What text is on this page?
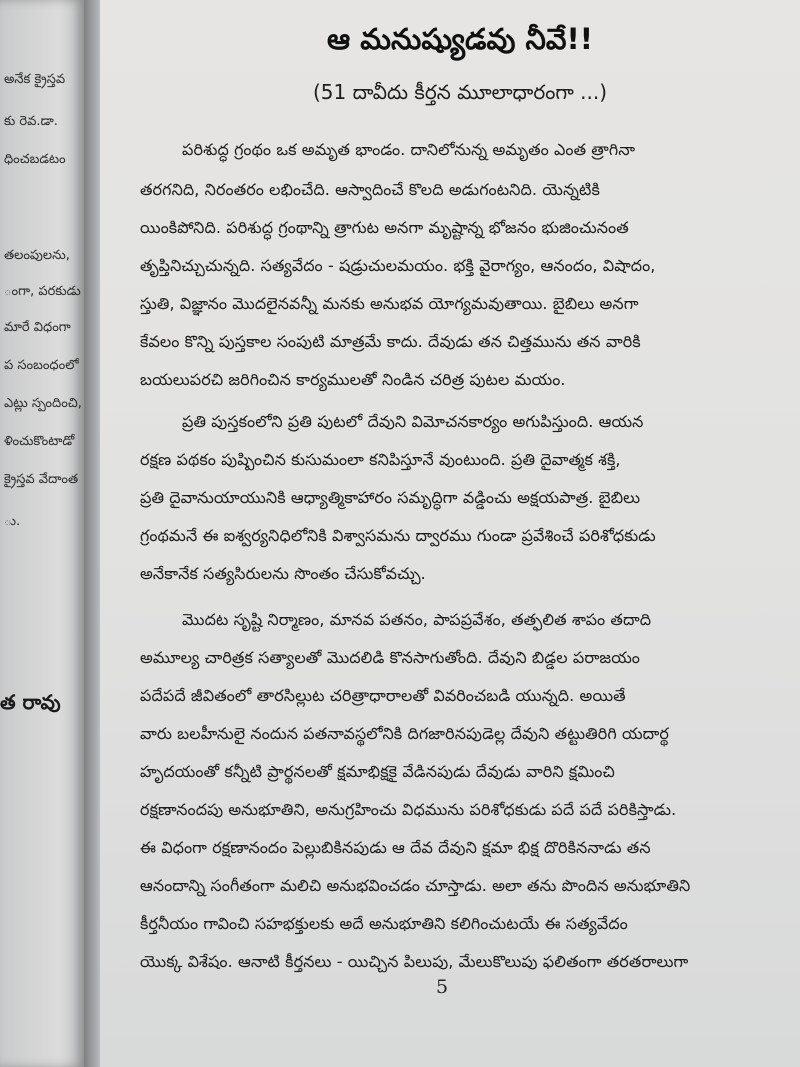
అనేక క్రైస్తవ
కు రెవ.డా.
ధించబడటం
తలంపులను,
ంగా, పరకుడు
మారే విధంగా
ప సంబంధంలో
ఎట్లు స్పందించి,
ళించుకొంటాడో
క్రైస్తవ వేదాంత
ు.
త రావు
ఆ మనుష్యుడవు నీవే!!
(51 దావీదు కీర్తన మూలాధారంగా ...)
పరిశుద్ధ గ్రంథం ఒక అమృత భాండం. దానిలోనున్న అమృతం ఎంత త్రాగినా
తరగనిది, నిరంతరం లభించేది. ఆస్వాదించే కొలది అడుగంటనిది. యెన్నటికి
యింకిపోనిది. పరిశుద్ధ గ్రంథాన్ని త్రాగుట అనగా మృష్టాన్న భోజనం భుజించునంత
తృప్తినిచ్చుచున్నది. సత్యవేదం - షడ్రుచులమయం. భక్తి వైరాగ్యం, ఆనందం, విషాదం,
స్తుతి, విజ్ఞానం మొదలైనవన్నీ మనకు అనుభవ యోగ్యమవుతాయి. బైబిలు అనగా
కేవలం కొన్ని పుస్తకాల సంపుటి మాత్రమే కాదు. దేవుడు తన చిత్తమును తన వారికి
బయలుపరచి జరిగించిన కార్యములతో నిండిన చరిత్ర పుటల మయం.
ప్రతి పుస్తకంలోని ప్రతి పుటలో దేవుని విమోచనకార్యం అగుపిస్తుంది. ఆయన
రక్షణ పథకం పుష్పించిన కుసుమంలా కనిపిస్తూనే వుంటుంది. ప్రతి దైవాత్మక శక్తి,
ప్రతి దైవానుయాయునికి ఆధ్యాత్మికాహారం సమృద్ధిగా వడ్డించు అక్షయపాత్ర. బైబిలు
గ్రంథమనే ఈ ఐశ్వర్యనిధిలోనికి విశ్వాసమను ద్వారము గుండా ప్రవేశించే పరిశోధకుడు
అనేకానేక సత్యసిరులను సొంతం చేసుకోవచ్చు.
మొదట సృష్టి నిర్మాణం, మానవ పతనం, పాపప్రవేశం, తత్ఫలిత శాపం తదాది
అమూల్య చారిత్రక సత్యాలతో మొదలిడి కొనసాగుతోంది. దేవుని బిడ్డల పరాజయం
పదేపదే జీవితంలో తారసిల్లుట చరిత్రాధారాలతో వివరించబడి యున్నది. అయితే
వారు బలహీనులై నందున పతనావస్థలోనికి దిగజారినపుడెల్ల దేవుని తట్టుతిరిగి యదార్థ
హృదయంతో కన్నీటి ప్రార్థనలతో క్షమాభిక్షకై వేడినపుడు దేవుడు వారిని క్షమించి
రక్షణానందపు అనుభూతిని, అనుగ్రహించు విధమును పరిశోధకుడు పదే పదే పరికిస్తాడు.
ఈ విధంగా రక్షణానందం పెల్లుబికినపుడు ఆ దేవ దేవుని క్షమా భిక్ష దొరికిననాడు తన
ఆనందాన్ని సంగీతంగా మలిచి అనుభవించడం చూస్తాడు. అలా తను పొందిన అనుభూతిని
కీర్తనీయం గావించి సహభక్తులకు అదే అనుభూతిని కలిగించుటయే ఈ సత్యవేదం
యొక్క విశేషం. ఆనాటి కీర్తనలు - యిచ్చిన పిలుపు, మేలుకొలుపు ఫలితంగా తరతరాలుగా
5
